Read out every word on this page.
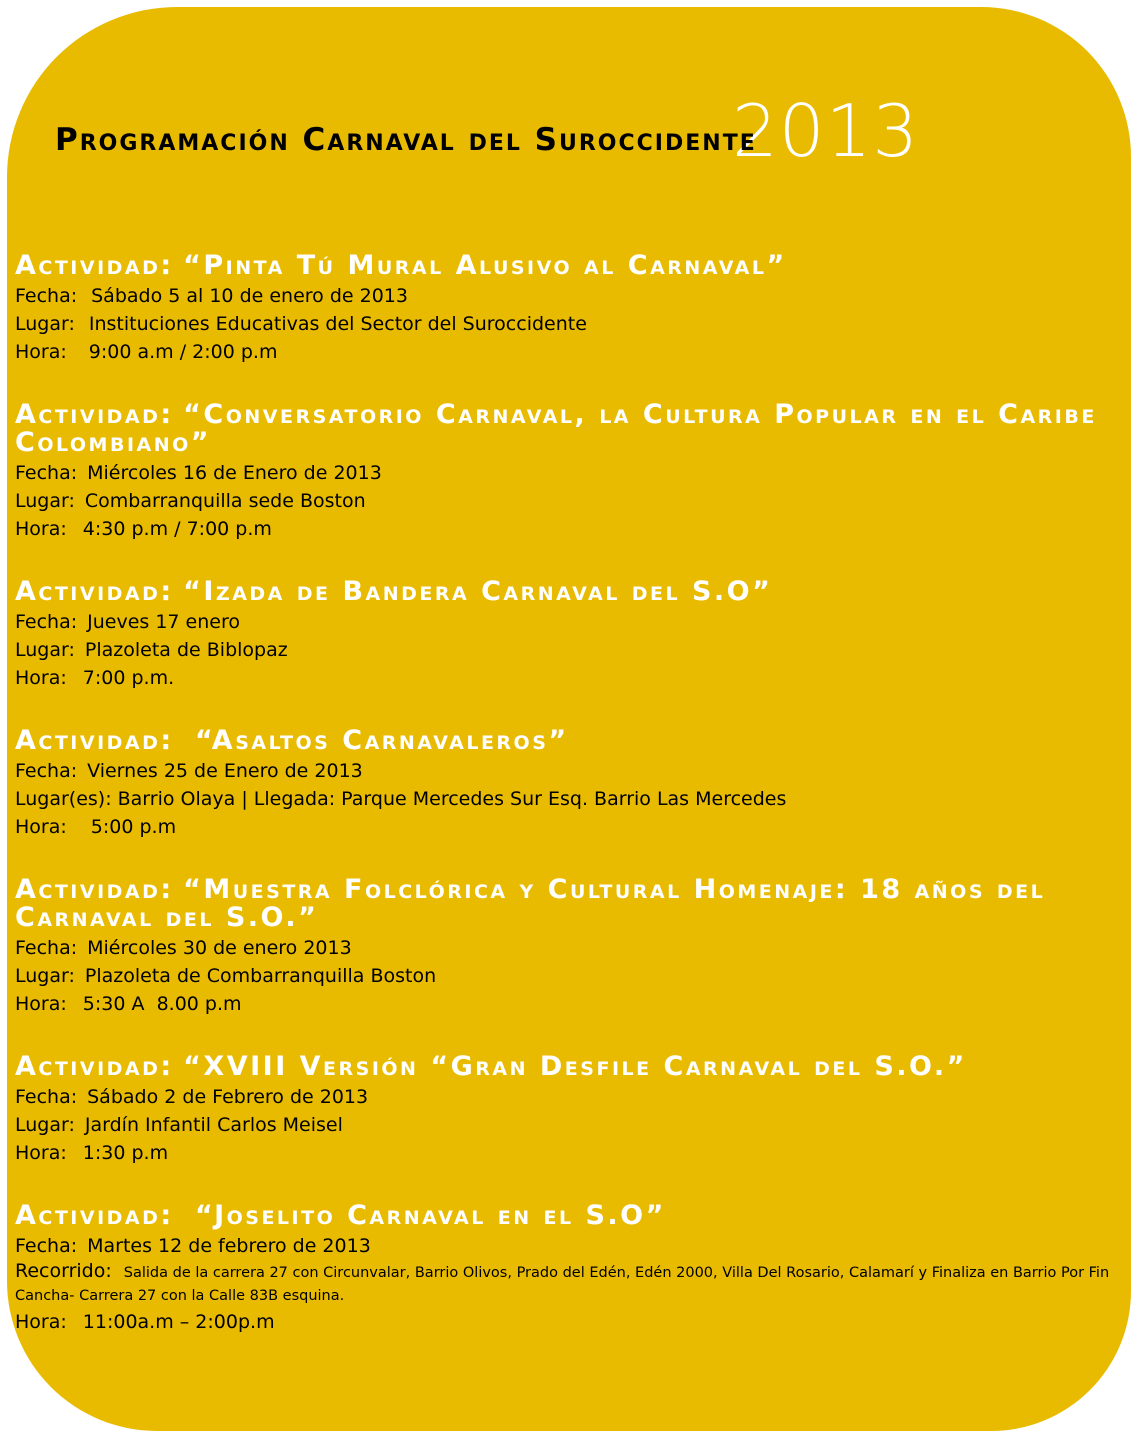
2013
Programación Carnaval del Suroccidente
Actividad: “Pinta Tú Mural Alusivo al Carnaval”
Fecha: Sábado 5 al 10 de enero de 2013
Lugar: Instituciones Educativas del Sector del Suroccidente
Hora: 9:00 a.m / 2:00 p.m
Actividad: “Conversatorio Carnaval, la Cultura Popular en el Caribe Colombiano”
Fecha: Miércoles 16 de Enero de 2013
Lugar: Combarranquilla sede Boston
Hora: 4:30 p.m / 7:00 p.m
Actividad: “Izada de Bandera Carnaval del S.O”
Fecha: Jueves 17 enero
Lugar: Plazoleta de Biblopaz
Hora: 7:00 p.m.
Actividad: “Asaltos Carnavaleros”
Fecha: Viernes 25 de Enero de 2013
Lugar(es): Barrio Olaya | Llegada: Parque Mercedes Sur Esq. Barrio Las Mercedes
Hora: 5:00 p.m
Actividad: “Muestra Folclórica y Cultural Homenaje: 18 años del Carnaval del S.O.”
Fecha: Miércoles 30 de enero 2013
Lugar: Plazoleta de Combarranquilla Boston
Hora: 5:30 A  8.00 p.m
Actividad: “XVIII Versión “Gran Desfile Carnaval del S.O.”
Fecha: Sábado 2 de Febrero de 2013
Lugar: Jardín Infantil Carlos Meisel
Hora: 1:30 p.m
Actividad: “Joselito Carnaval en el S.O”
Fecha: Martes 12 de febrero de 2013
Recorrido: Salida de la carrera 27 con Circunvalar, Barrio Olivos, Prado del Edén, Edén 2000, Villa Del Rosario, Calamarí y Finaliza en Barrio Por Fin Cancha- Carrera 27 con la Calle 83B esquina.
Hora: 11:00a.m – 2:00p.m
